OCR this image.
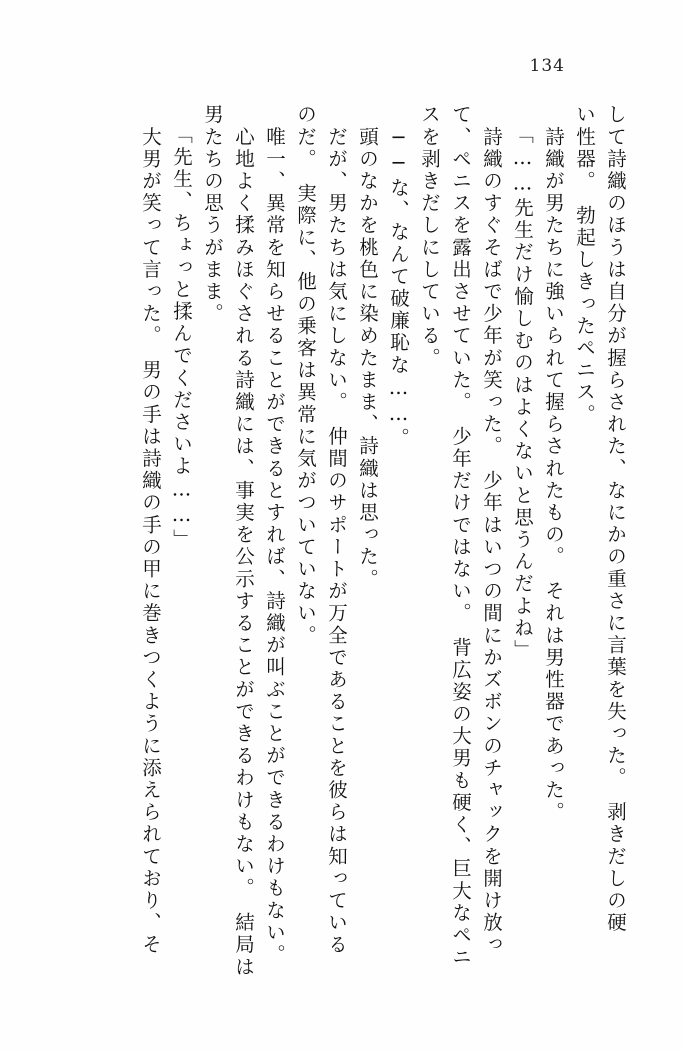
134
して詩織のほうは自分が握らされた、なにかの重さに言葉を失った。　剥きだしの硬
い性器。　勃起しきったペニス。
　詩織が男たちに強いられて握らされたもの。　それは男性器であった。
「……先生だけ愉しむのはよくないと思うんだよね」
　詩織のすぐそばで少年が笑った。　少年はいつの間にかズボンのチャックを開け放っ
て、ペニスを露出させていた。　少年だけではない。　背広姿の大男も硬く、巨大なペニ
スを剥きだしにしている。
　──な、なんて破廉恥な……。
　頭のなかを桃色に染めたまま、詩織は思った。
　だが、男たちは気にしない。　仲間のサポートが万全であることを彼らは知っている
のだ。　実際に、他の乗客は異常に気がついていない。
　唯一、異常を知らせることができるとすれば、詩織が叫ぶことができるわけもない。
　心地よく揉みほぐされる詩織には、事実を公示することができるわけもない。　結局は
男たちの思うがまま。
「先生、ちょっと揉んでくださいよ……」
　大男が笑って言った。　男の手は詩織の手の甲に巻きつくように添えられており、そ
